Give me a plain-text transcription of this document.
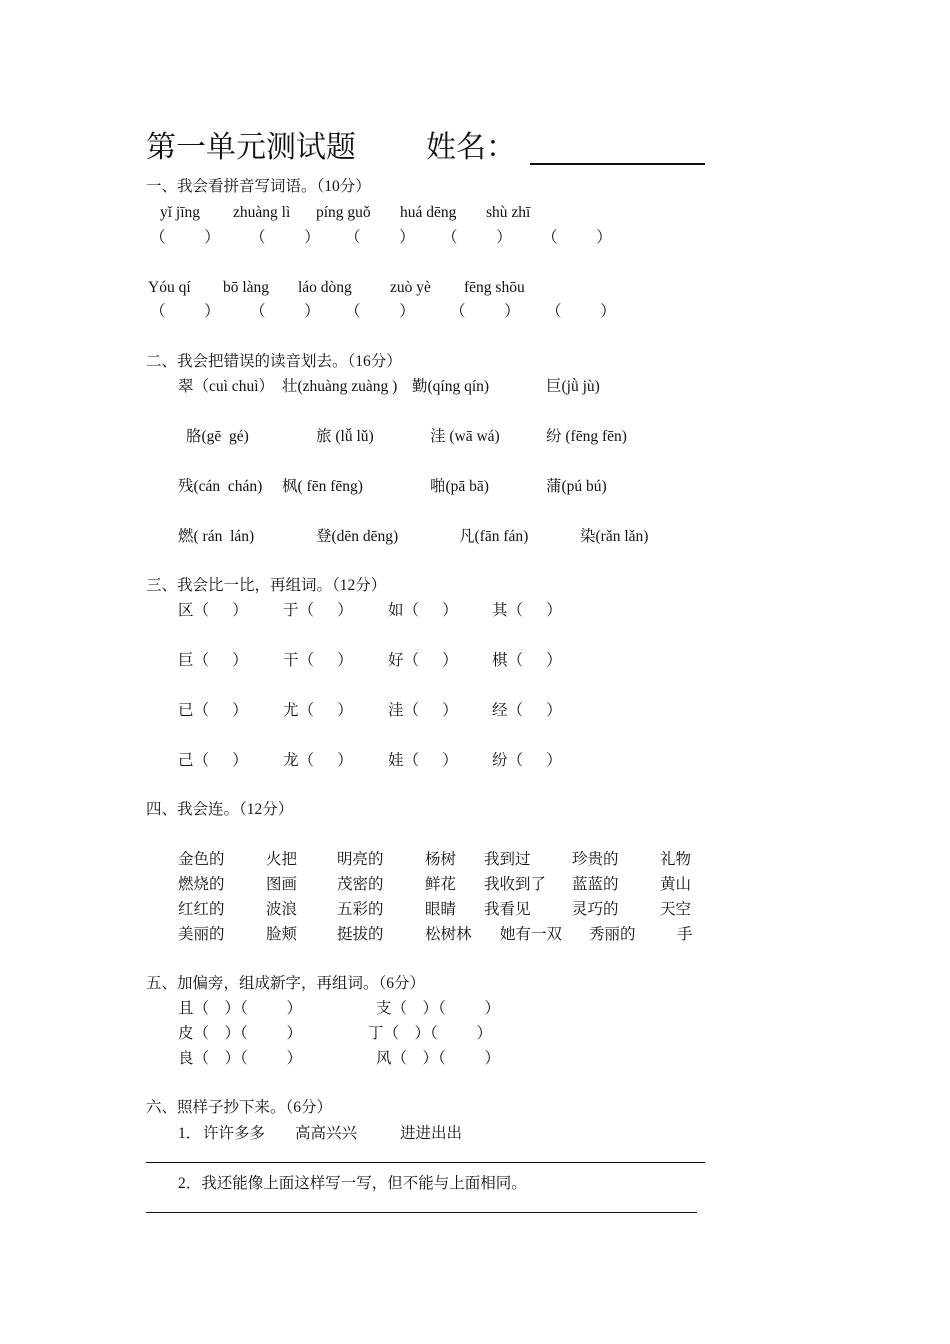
第一单元测试题 姓名：
一、我会看拼音写词语。（10分）
yǐ jīng zhuàng lì píng guǒ huá dēng shù zhī
（          ） （          ） （          ） （          ） （          ）
Yóu qí bō làng láo dòng zuò yè fēng shōu
（          ） （          ） （          ） （          ） （          ）
二、我会把错误的读音划去。（16分）
翠（cuì chuì） 壮(zhuàng zuàng ) 勤(qíng qín)	巨(jǜ jù)
胳(gē  gé)	旅 (lǚ lǔ)	洼 (wā wá)	纷 (fēng fēn)
残(cán  chán) 枫( fēn fēng)	啪(pā bā)	蒲(pú bú)
燃( rán  lán)	登(dēn dēng)	凡(fān fán)	染(rǎn lǎn)
三、我会比一比，再组词。（12分）
区（      ） 于（      ） 如（      ） 其（      ）
巨（      ） 干（      ） 好（      ） 棋（      ）
已（      ） 尤（      ） 洼（      ） 经（      ）
己（      ） 龙（      ） 娃（      ） 纷（      ）
四、我会连。（12分）
金色的	火把	明亮的	杨树 我到过	珍贵的	礼物
燃烧的	图画	茂密的	鲜花 我收到了 蓝蓝的	黄山
红红的	波浪	五彩的	眼睛 我看见	灵巧的	天空
美丽的	脸颊	挺拔的	松树林 她有一双 秀丽的	手
五、加偏旁，组成新字，再组词。（6分）
且（    ）（          ）	支（    ）（          ）
皮（    ）（          ）	丁（    ）（          ）
良（    ）（          ）	风（    ）（          ）
六、照样子抄下来。（6分）
1． 许许多多 高高兴兴	进进出出
2．我还能像上面这样写一写，但不能与上面相同。
